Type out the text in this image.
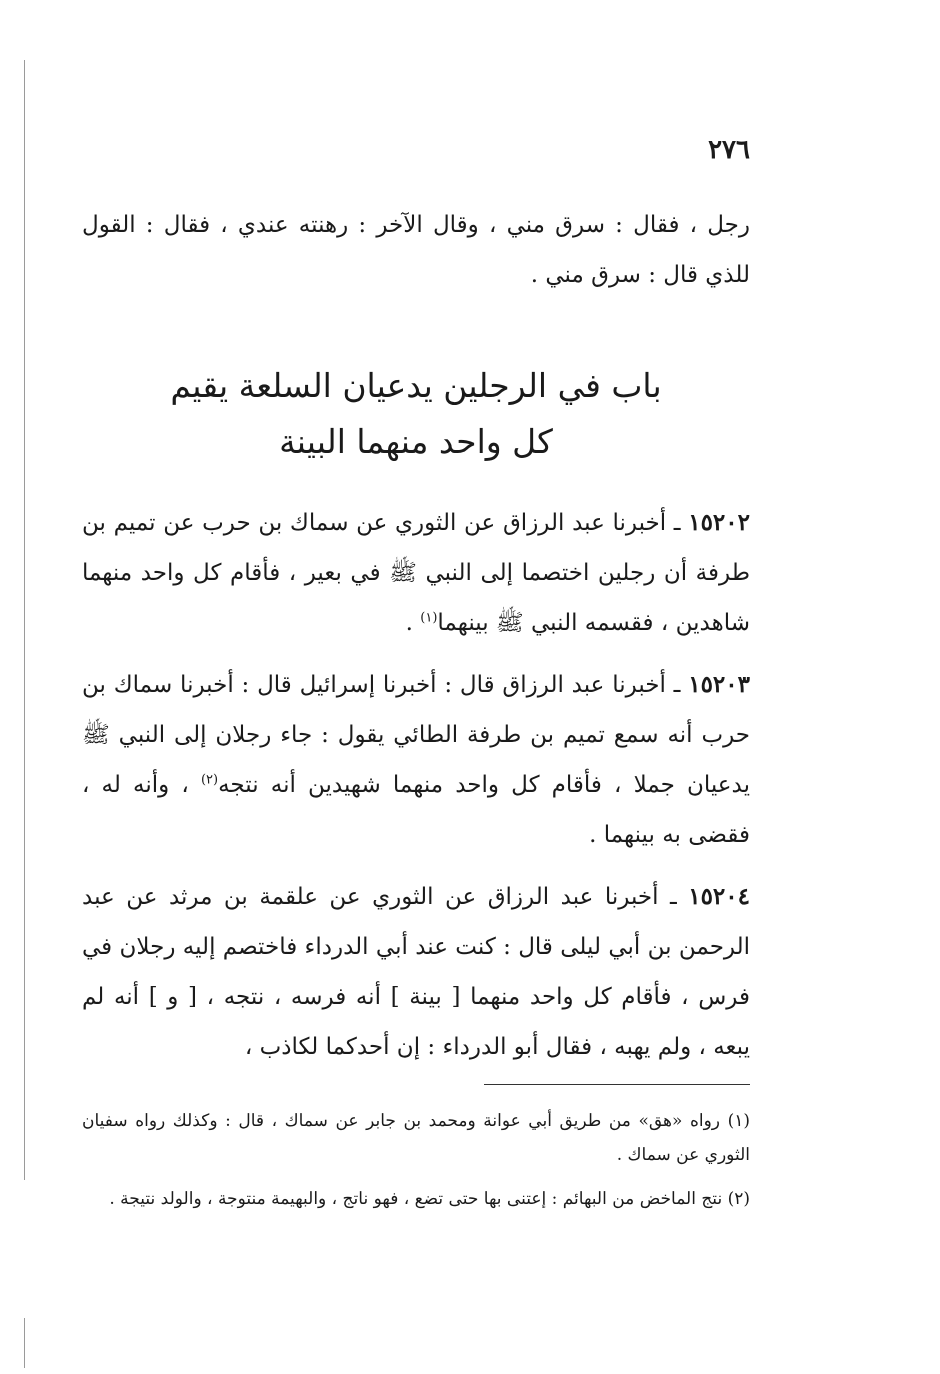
٢٧٦
رجل ، فقال : سرق مني ، وقال الآخر : رهنته عندي ، فقال : القول للذي قال : سرق مني .
باب في الرجلين يدعيان السلعة يقيم
كل واحد منهما البينة
١٥٢٠٢ ـ أخبرنا عبد الرزاق عن الثوري عن سماك بن حرب عن تميم بن طرفة أن رجلين اختصما إلى النبي ﷺ في بعير ، فأقام كل واحد منهما شاهدين ، فقسمه النبي ﷺ بينهما$^{(١)}$ .
١٥٢٠٣ ـ أخبرنا عبد الرزاق قال : أخبرنا إسرائيل قال : أخبرنا سماك بن حرب أنه سمع تميم بن طرفة الطائي يقول : جاء رجلان إلى النبي ﷺ يدعيان جملا ، فأقام كل واحد منهما شهيدين أنه نتجه$^{(٢)}$ ، وأنه له ، فقضى به بينهما .
١٥٢٠٤ ـ أخبرنا عبد الرزاق عن الثوري عن علقمة بن مرثد عن عبد الرحمن بن أبي ليلى قال : كنت عند أبي الدرداء فاختصم إليه رجلان في فرس ، فأقام كل واحد منهما [ بينة ] أنه فرسه ، نتجه ، [ و ] أنه لم يبعه ، ولم يهبه ، فقال أبو الدرداء : إن أحدكما لكاذب ،
(١) رواه «هق» من طريق أبي عوانة ومحمد بن جابر عن سماك ، قال : وكذلك رواه سفيان الثوري عن سماك .
(٢) نتج الماخض من البهائم : إعتنى بها حتى تضع ، فهو ناتج ، والبهيمة منتوجة ، والولد نتيجة .
